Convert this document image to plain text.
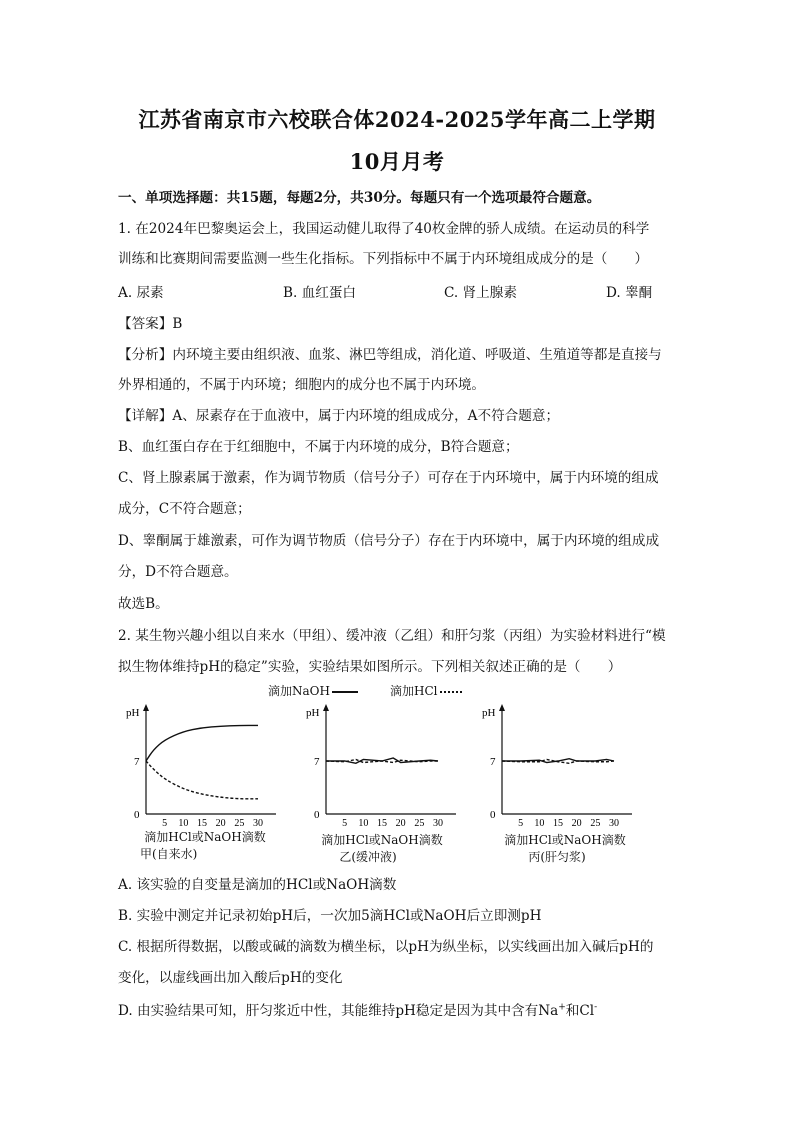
江苏省南京市六校联合体2024-2025学年高二上学期
10月月考
一、单项选择题：共15题，每题2分，共30分。每题只有一个选项最符合题意。
1. 在2024年巴黎奥运会上，我国运动健儿取得了40枚金牌的骄人成绩。在运动员的科学
训练和比赛期间需要监测一些生化指标。下列指标中不属于内环境组成成分的是（　　）
A. 尿素	B. 血红蛋白	C. 肾上腺素	D. 睾酮
【答案】B
【分析】内环境主要由组织液、血浆、淋巴等组成，消化道、呼吸道、生殖道等都是直接与
外界相通的，不属于内环境；细胞内的成分也不属于内环境。
【详解】A、尿素存在于血液中，属于内环境的组成成分，A不符合题意；
B、血红蛋白存在于红细胞中，不属于内环境的成分，B符合题意；
C、肾上腺素属于激素，作为调节物质（信号分子）可存在于内环境中，属于内环境的组成
成分，C不符合题意；
D、睾酮属于雄激素，可作为调节物质（信号分子）存在于内环境中，属于内环境的组成成
分，D不符合题意。
故选B。
2. 某生物兴趣小组以自来水（甲组）、缓冲液（乙组）和肝匀浆（丙组）为实验材料进行“模
拟生物体维持pH的稳定”实验，实验结果如图所示。下列相关叙述正确的是（　　）
滴加NaOH	滴加HCl
pH
7
0
5 10 15 20 25 30
pH
7
0
5 10 15 20 25 30
pH
7
0
5 10 15 20 25 30
滴加HCl或NaOH滴数
甲(自来水)
滴加HCl或NaOH滴数
乙(缓冲液)
滴加HCl或NaOH滴数
丙(肝匀浆)
A. 该实验的自变量是滴加的HCl或NaOH滴数
B. 实验中测定并记录初始pH后，一次加5滴HCl或NaOH后立即测pH
C. 根据所得数据，以酸或碱的滴数为横坐标，以pH为纵坐标，以实线画出加入碱后pH的
变化，以虚线画出加入酸后pH的变化
D. 由实验结果可知，肝匀浆近中性，其能维持pH稳定是因为其中含有Na+和Cl-
